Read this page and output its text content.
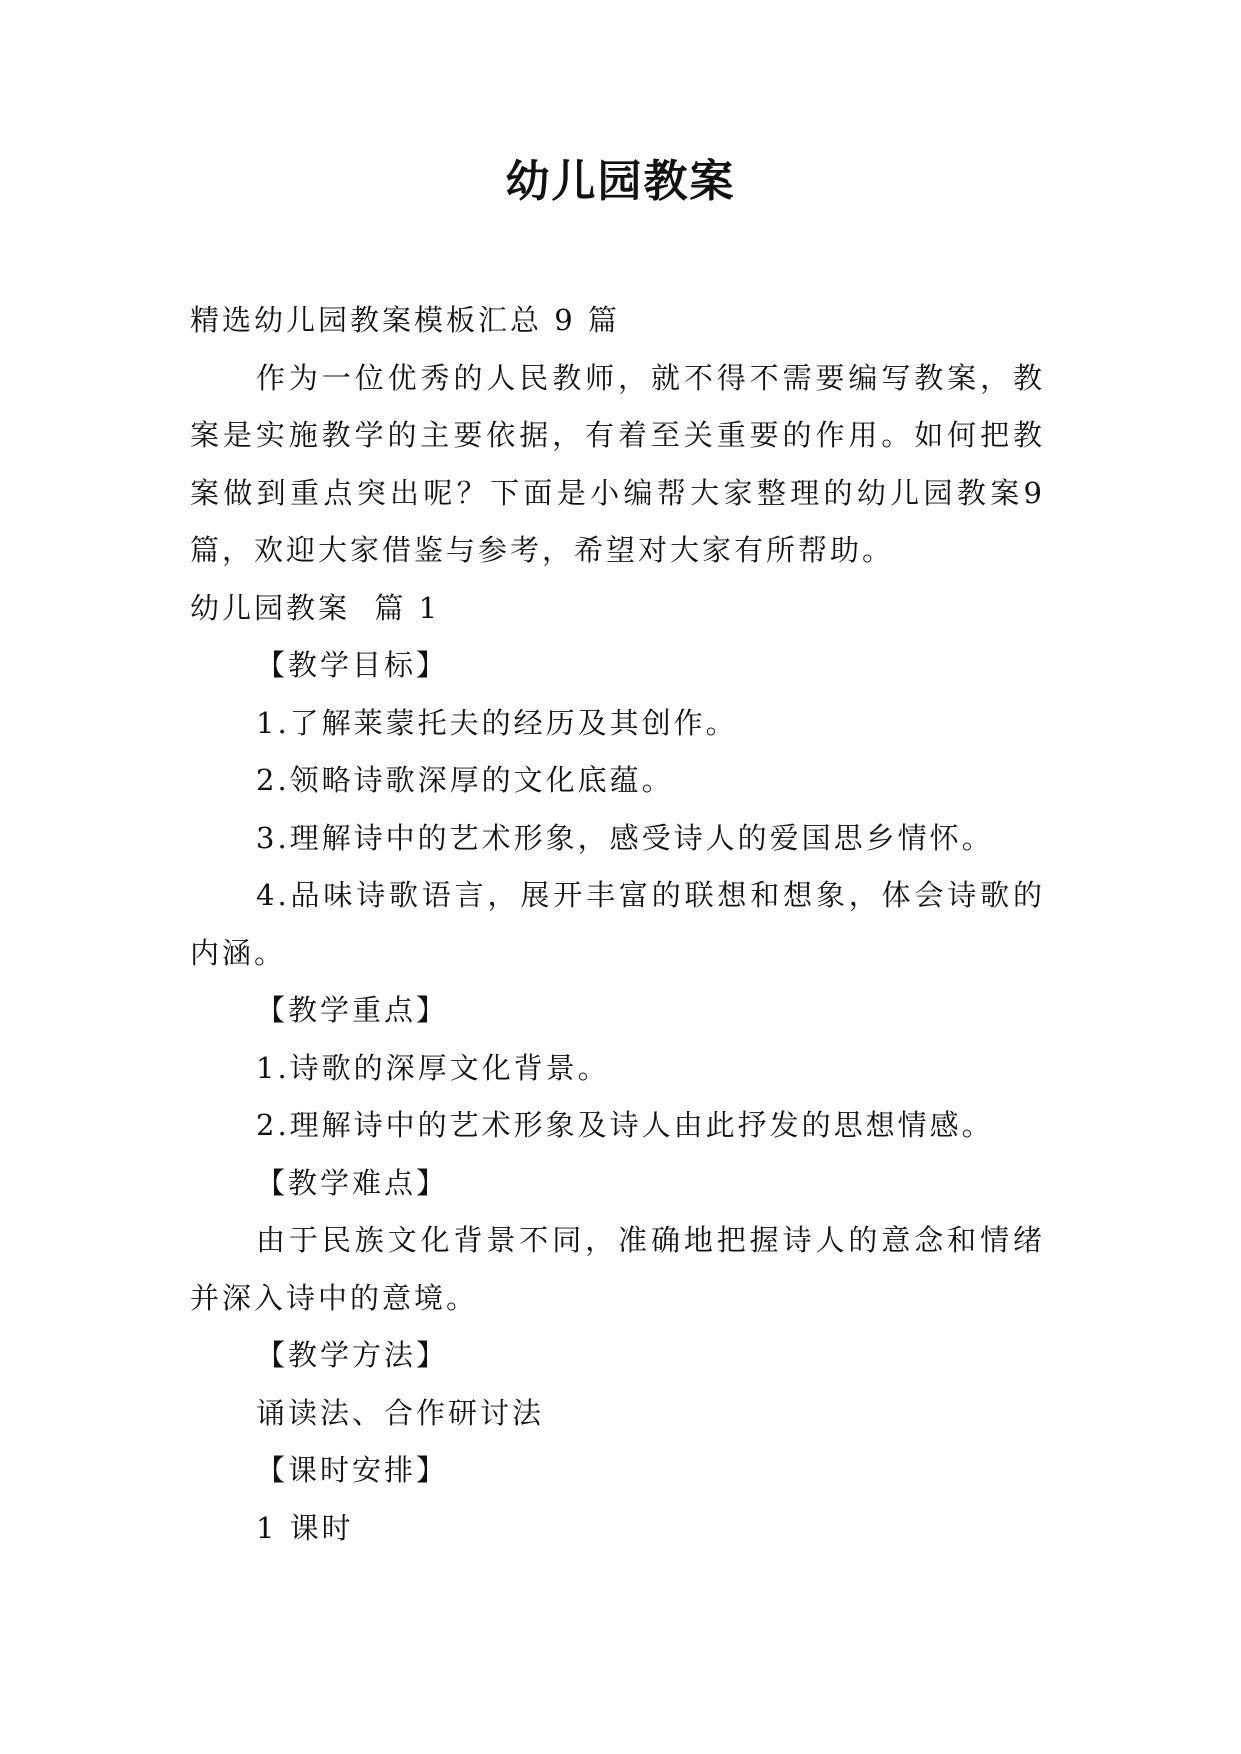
幼儿园教案

精选幼儿园教案模板汇总 9 篇

作为一位优秀的人民教师，就不得不需要编写教案，教案是实施教学的主要依据，有着至关重要的作用。如何把教案做到重点突出呢？下面是小编帮大家整理的幼儿园教案9篇，欢迎大家借鉴与参考，希望对大家有所帮助。

幼儿园教案  篇 1

【教学目标】

1.了解莱蒙托夫的经历及其创作。

2.领略诗歌深厚的文化底蕴。

3.理解诗中的艺术形象，感受诗人的爱国思乡情怀。

4.品味诗歌语言，展开丰富的联想和想象，体会诗歌的内涵。

【教学重点】

1.诗歌的深厚文化背景。

2.理解诗中的艺术形象及诗人由此抒发的思想情感。

【教学难点】

由于民族文化背景不同，准确地把握诗人的意念和情绪并深入诗中的意境。

【教学方法】

诵读法、合作研讨法

【课时安排】

1 课时
